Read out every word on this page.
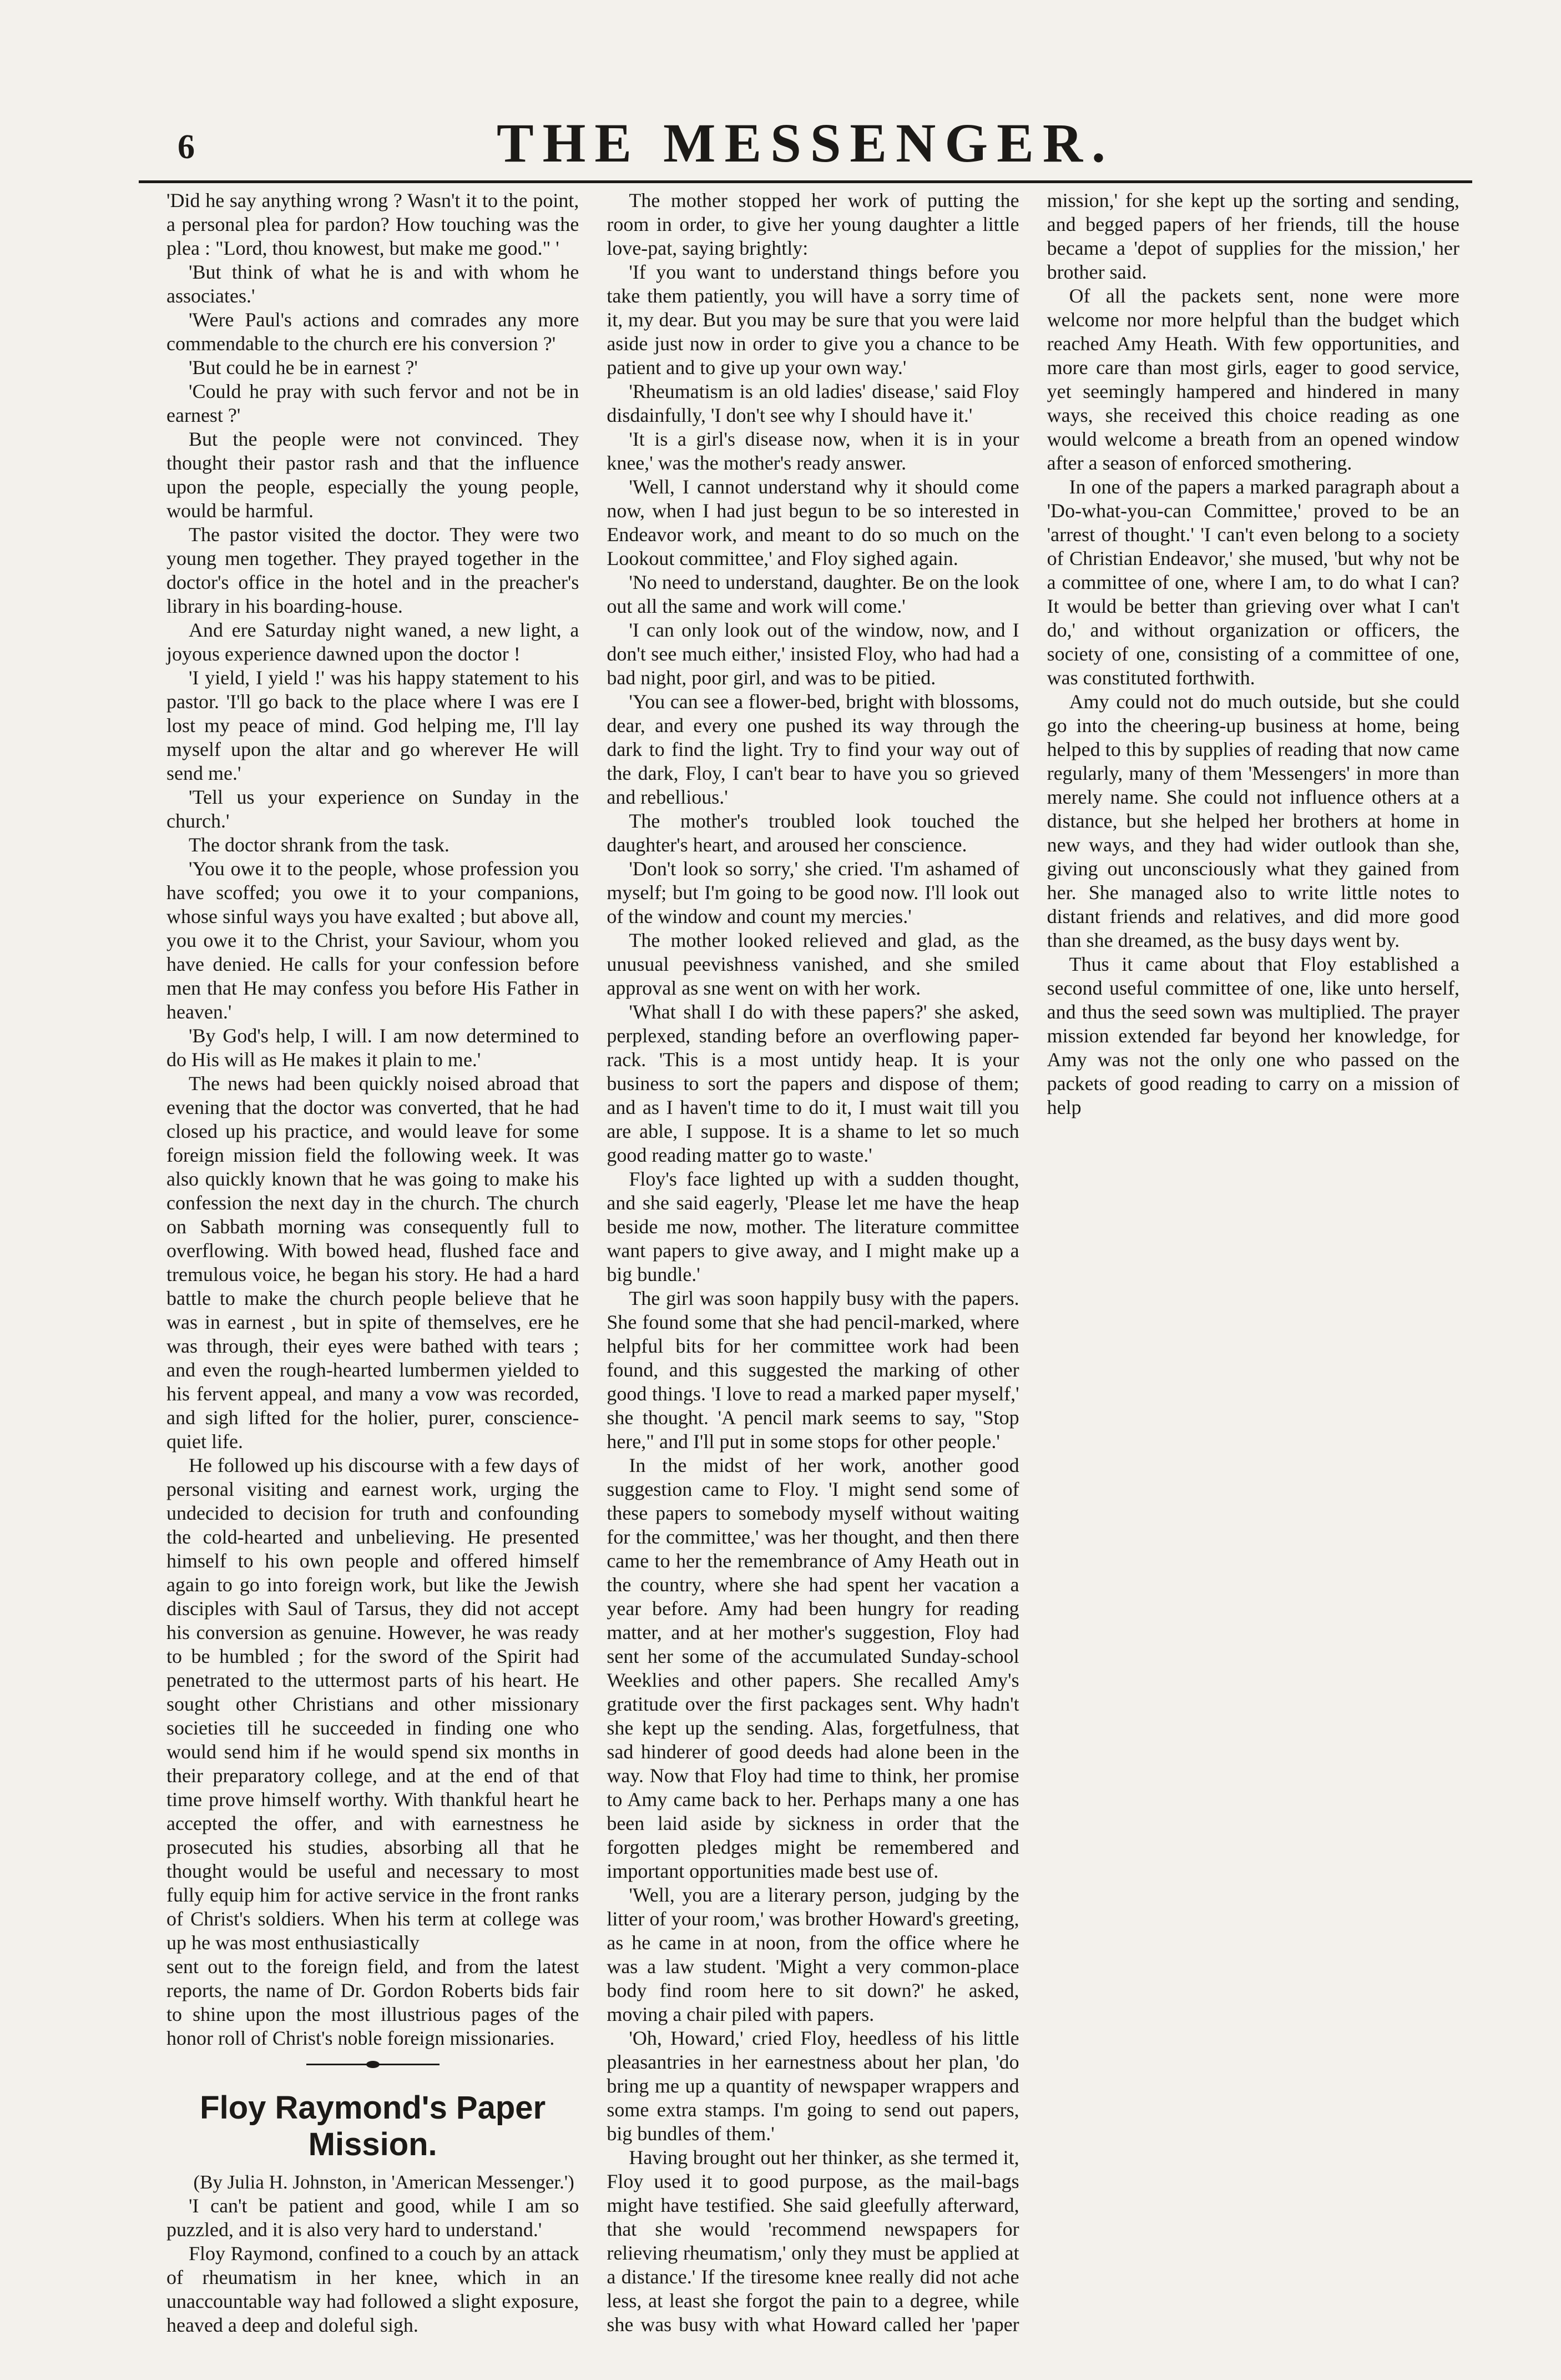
6	THE MESSENGER.

'Did he say anything wrong ? Wasn't it to the point, a personal plea for pardon? How touching was the plea : "Lord, thou knowest, but make me good." '

'But think of what he is and with whom he associates.'

'Were Paul's actions and comrades any more commendable to the church ere his conversion ?'

'But could he be in earnest ?'

'Could he pray with such fervor and not be in earnest ?'

But the people were not convinced. They thought their pastor rash and that the influence upon the people, especially the young people, would be harmful.

The pastor visited the doctor. They were two young men together. They prayed together in the doctor's office in the hotel and in the preacher's library in his boarding-house.

And ere Saturday night waned, a new light, a joyous experience dawned upon the doctor !

'I yield, I yield !' was his happy statement to his pastor. 'I'll go back to the place where I was ere I lost my peace of mind. God helping me, I'll lay myself upon the altar and go wherever He will send me.'

'Tell us your experience on Sunday in the church.'

The doctor shrank from the task.

'You owe it to the people, whose profession you have scoffed; you owe it to your companions, whose sinful ways you have exalted ; but above all, you owe it to the Christ, your Saviour, whom you have denied. He calls for your confession before men that He may confess you before His Father in heaven.'

'By God's help, I will. I am now determined to do His will as He makes it plain to me.'

The news had been quickly noised abroad that evening that the doctor was converted, that he had closed up his practice, and would leave for some foreign mission field the following week. It was also quickly known that he was going to make his confession the next day in the church. The church on Sabbath morning was consequently full to overflowing. With bowed head, flushed face and tremulous voice, he began his story. He had a hard battle to make the church people believe that he was in earnest , but in spite of themselves, ere he was through, their eyes were bathed with tears ; and even the rough-hearted lumbermen yielded to his fervent appeal, and many a vow was recorded, and sigh lifted for the holier, purer, conscience-quiet life.

He followed up his discourse with a few days of personal visiting and earnest work, urging the undecided to decision for truth and confounding the cold-hearted and unbelieving. He presented himself to his own people and offered himself again to go into foreign work, but like the Jewish disciples with Saul of Tarsus, they did not accept his conversion as genuine. However, he was ready to be humbled ; for the sword of the Spirit had penetrated to the uttermost parts of his heart. He sought other Christians and other missionary societies till he succeeded in finding one who would send him if he would spend six months in their preparatory college, and at the end of that time prove himself worthy. With thankful heart he accepted the offer, and with earnestness he prosecuted his studies, absorbing all that he thought would be useful and necessary to most fully equip him for active service in the front ranks of Christ's soldiers. When his term at college was up he was most enthusiastically

sent out to the foreign field, and from the latest reports, the name of Dr. Gordon Roberts bids fair to shine upon the most illustrious pages of the honor roll of Christ's noble foreign missionaries.

Floy Raymond's Paper Mission.

(By Julia H. Johnston, in 'American Messenger.')

'I can't be patient and good, while I am so puzzled, and it is also very hard to understand.'

Floy Raymond, confined to a couch by an attack of rheumatism in her knee, which in an unaccountable way had followed a slight exposure, heaved a deep and doleful sigh.

The mother stopped her work of putting the room in order, to give her young daughter a little love-pat, saying brightly:

'If you want to understand things before you take them patiently, you will have a sorry time of it, my dear. But you may be sure that you were laid aside just now in order to give you a chance to be patient and to give up your own way.'

'Rheumatism is an old ladies' disease,' said Floy disdainfully, 'I don't see why I should have it.'

'It is a girl's disease now, when it is in your knee,' was the mother's ready answer.

'Well, I cannot understand why it should come now, when I had just begun to be so interested in Endeavor work, and meant to do so much on the Lookout committee,' and Floy sighed again.

'No need to understand, daughter. Be on the look out all the same and work will come.'

'I can only look out of the window, now, and I don't see much either,' insisted Floy, who had had a bad night, poor girl, and was to be pitied.

'You can see a flower-bed, bright with blossoms, dear, and every one pushed its way through the dark to find the light. Try to find your way out of the dark, Floy, I can't bear to have you so grieved and rebellious.'

The mother's troubled look touched the daughter's heart, and aroused her conscience.

'Don't look so sorry,' she cried. 'I'm ashamed of myself; but I'm going to be good now. I'll look out of the window and count my mercies.'

The mother looked relieved and glad, as the unusual peevishness vanished, and she smiled approval as sne went on with her work.

'What shall I do with these papers?' she asked, perplexed, standing before an overflowing paper-rack. 'This is a most untidy heap. It is your business to sort the papers and dispose of them; and as I haven't time to do it, I must wait till you are able, I suppose. It is a shame to let so much good reading matter go to waste.'

Floy's face lighted up with a sudden thought, and she said eagerly, 'Please let me have the heap beside me now, mother. The literature committee want papers to give away, and I might make up a big bundle.'

The girl was soon happily busy with the papers. She found some that she had pencil-marked, where helpful bits for her committee work had been found, and this suggested the marking of other good things. 'I love to read a marked paper myself,' she thought. 'A pencil mark seems to say, "Stop here," and I'll put in some stops for other people.'

In the midst of her work, another good suggestion came to Floy. 'I might send some of these papers to somebody myself without waiting for the committee,' was her thought, and then there came to her the remembrance of Amy Heath out in the country, where she had spent her vacation a year before. Amy had been hungry for reading matter, and at her mother's suggestion, Floy had sent her some of the accumulated Sunday-school Weeklies and other papers. She recalled Amy's gratitude over the first packages sent. Why hadn't she kept up the sending. Alas, forgetfulness, that sad hinderer of good deeds had alone been in the way. Now that Floy had time to think, her promise to Amy came back to her. Perhaps many a one has been laid aside by sickness in order that the forgotten pledges might be remembered and important opportunities made best use of.

'Well, you are a literary person, judging by the litter of your room,' was brother Howard's greeting, as he came in at noon, from the office where he was a law student. 'Might a very common-place body find room here to sit down?' he asked, moving a chair piled with papers.

'Oh, Howard,' cried Floy, heedless of his little pleasantries in her earnestness about her plan, 'do bring me up a quantity of newspaper wrappers and some extra stamps. I'm going to send out papers, big bundles of them.'

Having brought out her thinker, as she termed it, Floy used it to good purpose, as the mail-bags might have testified. She said gleefully afterward, that she would 'recommend newspapers for relieving rheumatism,' only they must be applied at a distance.' If the tiresome knee really did not ache less, at least she forgot the pain to a degree, while she was busy with what Howard called her 'paper mission,' for she kept up the sorting and sending, and begged papers of her friends, till the house became a 'depot of supplies for the mission,' her brother said.

Of all the packets sent, none were more welcome nor more helpful than the budget which reached Amy Heath. With few opportunities, and more care than most girls, eager to good service, yet seemingly hampered and hindered in many ways, she received this choice reading as one would welcome a breath from an opened window after a season of enforced smothering.

In one of the papers a marked paragraph about a 'Do-what-you-can Committee,' proved to be an 'arrest of thought.' 'I can't even belong to a society of Christian Endeavor,' she mused, 'but why not be a committee of one, where I am, to do what I can? It would be better than grieving over what I can't do,' and without organization or officers, the society of one, consisting of a committee of one, was constituted forthwith.

Amy could not do much outside, but she could go into the cheering-up business at home, being helped to this by supplies of reading that now came regularly, many of them 'Messengers' in more than merely name. She could not influence others at a distance, but she helped her brothers at home in new ways, and they had wider outlook than she, giving out unconsciously what they gained from her. She managed also to write little notes to distant friends and relatives, and did more good than she dreamed, as the busy days went by.

Thus it came about that Floy established a second useful committee of one, like unto herself, and thus the seed sown was multiplied. The prayer mission extended far beyond her knowledge, for Amy was not the only one who passed on the packets of good reading to carry on a mission of help
